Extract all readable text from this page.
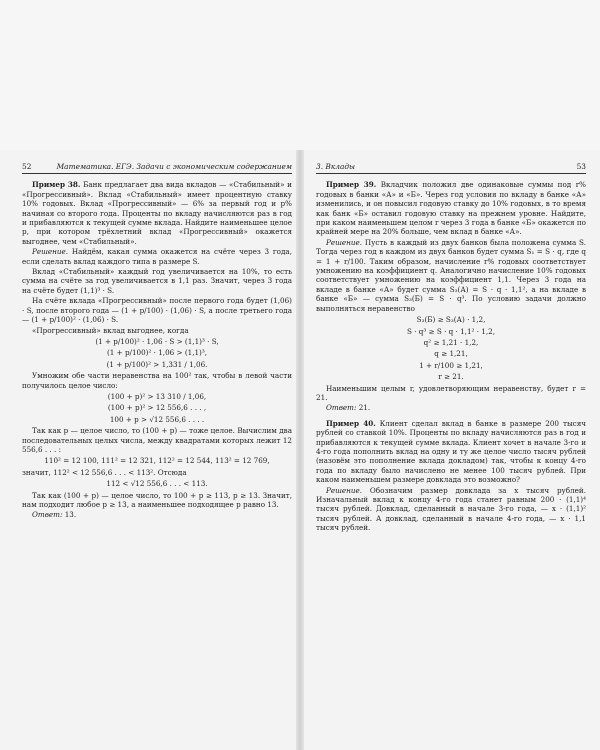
52	Математика. ЕГЭ. Задачи с экономическим содержанием

Пример 38. Банк предлагает два вида вкладов — «Стабильный» и «Прогрессивный». Вклад «Стабильный» имеет процентную ставку 10% годовых. Вклад «Прогрессивный» — 6% за первый год и p% начиная со второго года. Проценты по вкладу начисляются раз в год и прибавляются к текущей сумме вклада. Найдите наименьшее целое p, при котором трёхлетний вклад «Прогрессивный» окажется выгоднее, чем «Стабильный».

Решение. Найдём, какая сумма окажется на счёте через 3 года, если сделать вклад каждого типа в размере S.

Вклад «Стабильный» каждый год увеличивается на 10%, то есть сумма на счёте за год увеличивается в 1,1 раз. Значит, через 3 года на счёте будет (1,1)³ · S.

На счёте вклада «Прогрессивный» после первого года будет (1,06) · S, после второго года — (1 + p/100) · (1,06) · S, а после третьего года — (1 + p/100)² · (1,06) · S.

«Прогрессивный» вклад выгоднее, когда

(1 + p/100)² · 1,06 · S > (1,1)³ · S,
(1 + p/100)² · 1,06 > (1,1)³,
(1 + p/100)² > 1,331 / 1,06.

Умножим обе части неравенства на 100² так, чтобы в левой части получилось целое число:

(100 + p)² > 13 310 / 1,06,
(100 + p)² > 12 556,6 . . . ,
100 + p > √12 556,6 . . . .

Так как p — целое число, то (100 + p) — тоже целое. Вычислим два последовательных целых числа, между квадратами которых лежит 12 556,6 . . . :

110² = 12 100, 111² = 12 321, 112² = 12 544, 113² = 12 769,

значит, 112² < 12 556,6 . . . < 113². Отсюда

112 < √12 556,6 . . . < 113.

Так как (100 + p) — целое число, то 100 + p ≥ 113, p ≥ 13. Значит, нам подходит любое p ≥ 13, а наименьшее подходящее p равно 13.

Ответ: 13.

3. Вклады	53

Пример 39. Вкладчик положил две одинаковые суммы под r% годовых в банки «А» и «Б». Через год условия по вкладу в банке «А» изменились, и он повысил годовую ставку до 10% годовых, в то время как банк «Б» оставил годовую ставку на прежнем уровне. Найдите, при каком наименьшем целом r через 3 года в банке «Б» окажется по крайней мере на 20% больше, чем вклад в банке «А».

Решение. Пусть в каждый из двух банков была положена сумма S. Тогда через год в каждом из двух банков будет сумма S₁ = S · q, где q = 1 + r/100. Таким образом, начисление r% годовых соответствует умножению на коэффициент q. Аналогично начисление 10% годовых соответствует умножению на коэффициент 1,1. Через 3 года на вкладе в банке «А» будет сумма S₃(А) = S · q · 1,1², а на вкладе в банке «Б» — сумма S₃(Б) = S · q³. По условию задачи должно выполняться неравенство

S₃(Б) ≥ S₃(А) · 1,2,
S · q³ ≥ S · q · 1,1² · 1,2,
q² ≥ 1,21 · 1,2,
q ≥ 1,21,
1 + r/100 ≥ 1,21,
r ≥ 21.

Наименьшим целым r, удовлетворяющим неравенству, будет r = 21.

Ответ: 21.

Пример 40. Клиент сделал вклад в банке в размере 200 тысяч рублей со ставкой 10%. Проценты по вкладу начисляются раз в год и прибавляются к текущей сумме вклада. Клиент хочет в начале 3-го и 4-го года пополнить вклад на одну и ту же целое число тысяч рублей (назовём это пополнение вклада докладом) так, чтобы к концу 4-го года по вкладу было начислено не менее 100 тысяч рублей. При каком наименьшем размере довклада это возможно?

Решение. Обозначим размер довклада за x тысяч рублей. Изначальный вклад к концу 4-го года станет равным 200 · (1,1)⁴ тысяч рублей. Довклад, сделанный в начале 3-го года, — x · (1,1)² тысяч рублей. А довклад, сделанный в начале 4-го года, — x · 1,1 тысяч рублей.
